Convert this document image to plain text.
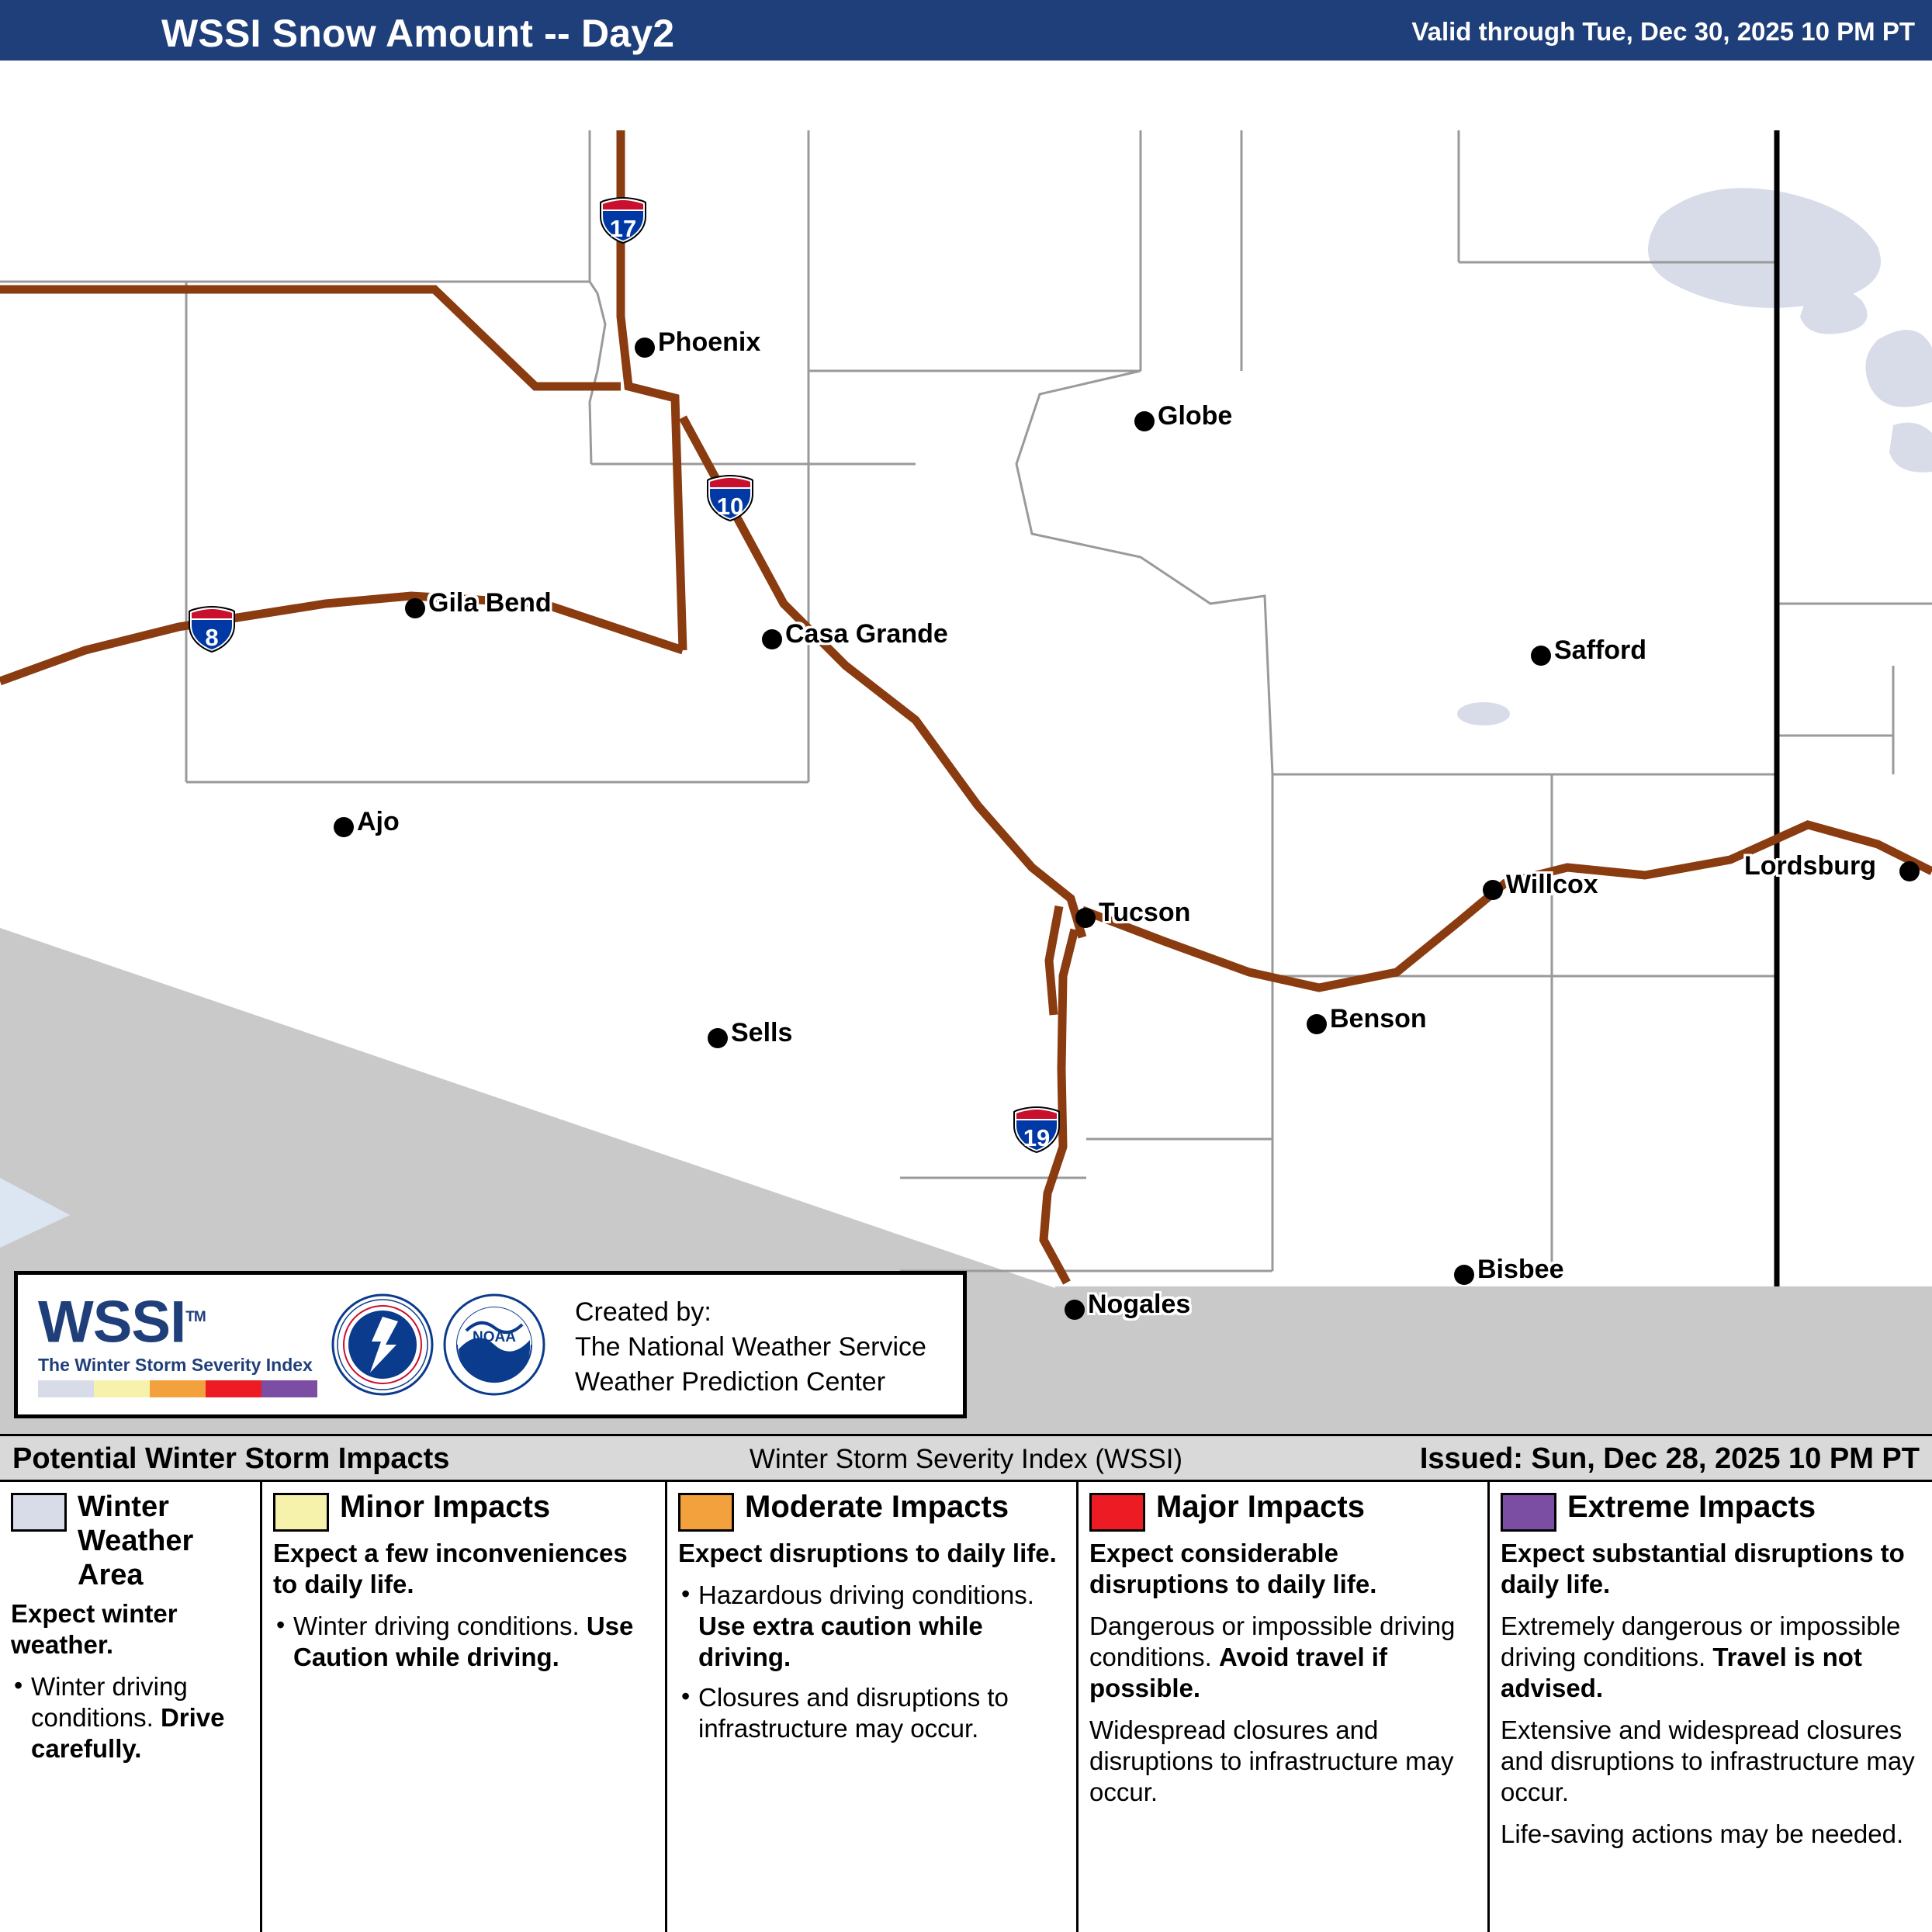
WSSI Snow Amount -- Day2	Valid through Tue, Dec 30, 2025 10 PM PT
17
10
8
19
Phoenix
Globe
Gila Bend
Casa Grande
Safford
Lordsburg
Ajo
Willcox
Tucson
Benson
Sells
Bisbee
Nogales
WSSI™
The Winter Storm Severity Index
NOAA
Created by:
The National Weather Service
Weather Prediction Center
Winter Storm Severity Index (WSSI)
Potential Winter Storm Impacts	Issued: Sun, Dec 28, 2025 10 PM PT
Winter Weather Area
Expect winter weather.
• Winter driving conditions. Drive carefully.
Minor Impacts
Expect a few inconveniences to daily life.
• Winter driving conditions. Use Caution while driving.
Moderate Impacts
Expect disruptions to daily life.
• Hazardous driving conditions. Use extra caution while driving.
• Closures and disruptions to infrastructure may occur.
Major Impacts
Expect considerable disruptions to daily life.
Dangerous or impossible driving conditions. Avoid travel if possible.
Widespread closures and disruptions to infrastructure may occur.
Extreme Impacts
Expect substantial disruptions to daily life.
Extremely dangerous or impossible driving conditions. Travel is not advised.
Extensive and widespread closures and disruptions to infrastructure may occur.
Life-saving actions may be needed.
